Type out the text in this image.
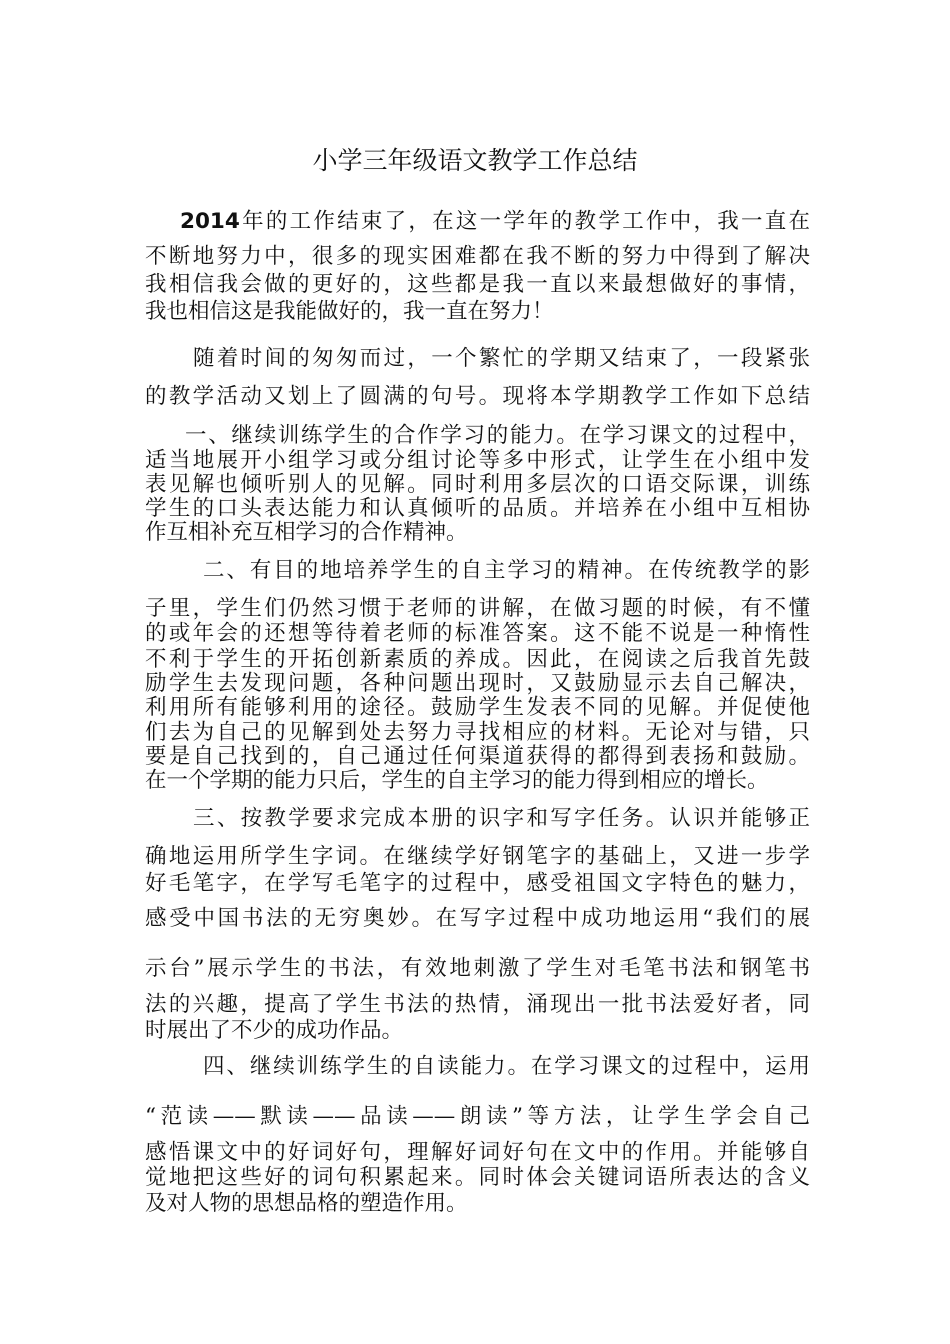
小学三年级语文教学工作总结
2014年的工作结束了，在这一学年的教学工作中，我一直在
不断地努力中，很多的现实困难都在我不断的努力中得到了解决
我相信我会做的更好的，这些都是我一直以来最想做好的事情，
我也相信这是我能做好的，我一直在努力！
随着时间的匆匆而过，一个繁忙的学期又结束了，一段紧张
的教学活动又划上了圆满的句号。现将本学期教学工作如下总结
一、继续训练学生的合作学习的能力。在学习课文的过程中，
适当地展开小组学习或分组讨论等多中形式，让学生在小组中发
表见解也倾听别人的见解。同时利用多层次的口语交际课，训练
学生的口头表达能力和认真倾听的品质。并培养在小组中互相协
作互相补充互相学习的合作精神。
二、有目的地培养学生的自主学习的精神。在传统教学的影
子里，学生们仍然习惯于老师的讲解，在做习题的时候，有不懂
的或年会的还想等待着老师的标准答案。这不能不说是一种惰性
不利于学生的开拓创新素质的养成。因此，在阅读之后我首先鼓
励学生去发现问题，各种问题出现时，又鼓励显示去自己解决，
利用所有能够利用的途径。鼓励学生发表不同的见解。并促使他
们去为自己的见解到处去努力寻找相应的材料。无论对与错，只
要是自己找到的，自己通过任何渠道获得的都得到表扬和鼓励。
在一个学期的能力只后，学生的自主学习的能力得到相应的增长。
三、按教学要求完成本册的识字和写字任务。认识并能够正
确地运用所学生字词。在继续学好钢笔字的基础上，又进一步学
好毛笔字，在学写毛笔字的过程中，感受祖国文字特色的魅力，
感受中国书法的无穷奥妙。在写字过程中成功地运用“我们的展
示台”展示学生的书法，有效地刺激了学生对毛笔书法和钢笔书
法的兴趣，提高了学生书法的热情，涌现出一批书法爱好者，同
时展出了不少的成功作品。
四、继续训练学生的自读能力。在学习课文的过程中，运用
“范读——默读——品读——朗读”等方法，让学生学会自己
感悟课文中的好词好句，理解好词好句在文中的作用。并能够自
觉地把这些好的词句积累起来。同时体会关键词语所表达的含义
及对人物的思想品格的塑造作用。
